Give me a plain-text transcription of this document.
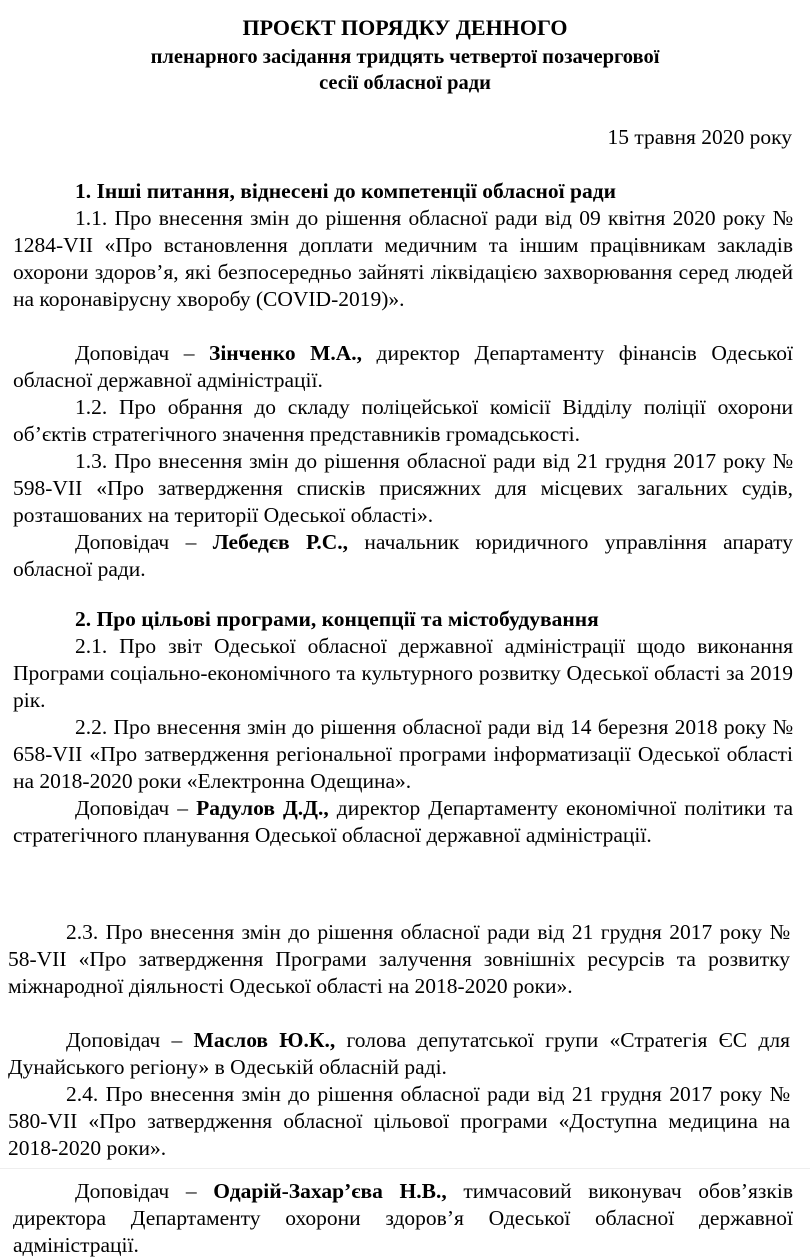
ПРОЄКТ ПОРЯДКУ ДЕННОГО
пленарного засідання тридцять четвертої позачергової
сесії обласної ради
15 травня 2020 року
1. Інші питання, віднесені до компетенції обласної ради
1.1. Про внесення змін до рішення обласної ради від 09 квітня 2020 року № 1284-VІІ «Про встановлення доплати медичним та іншим працівникам закладів охорони здоров’я, які безпосередньо зайняті ліквідацією захворювання серед людей на коронавірусну хворобу (COVID-2019)».
Доповідач – Зінченко М.А., директор Департаменту фінансів Одеської обласної державної адміністрації.
1.2. Про обрання до складу поліцейської комісії Відділу поліції охорони об’єктів стратегічного значення представників громадськості.
1.3. Про внесення змін до рішення обласної ради від 21 грудня 2017 року № 598-VII «Про затвердження списків присяжних для місцевих загальних судів, розташованих на території Одеської області».
Доповідач – Лебедєв Р.С., начальник юридичного управління апарату обласної ради.
2. Про цільові програми, концепції та містобудування
2.1. Про звіт Одеської обласної державної адміністрації щодо виконання Програми соціально-економічного та культурного розвитку Одеської області за 2019 рік.
2.2. Про внесення змін до рішення обласної ради від 14 березня 2018 року № 658-VII «Про затвердження регіональної програми інформатизації Одеської області на 2018-2020 роки «Електронна Одещина».
Доповідач – Радулов Д.Д., директор Департаменту економічної політики та стратегічного планування Одеської обласної державної адміністрації.
2.3. Про внесення змін до рішення обласної ради від 21 грудня 2017 року № 58-VII «Про затвердження Програми залучення зовнішніх ресурсів та розвитку міжнародної діяльності Одеської області на 2018-2020 роки».
Доповідач – Маслов Ю.К., голова депутатської групи «Стратегія ЄС для Дунайського регіону» в Одеській обласній раді.
2.4. Про внесення змін до рішення обласної ради від 21 грудня 2017 року № 580-VII «Про затвердження обласної цільової програми «Доступна медицина на 2018-2020 роки».
Доповідач – Одарій-Захар’єва Н.В., тимчасовий виконувач обов’язків директора Департаменту охорони здоров’я Одеської обласної державної адміністрації.
